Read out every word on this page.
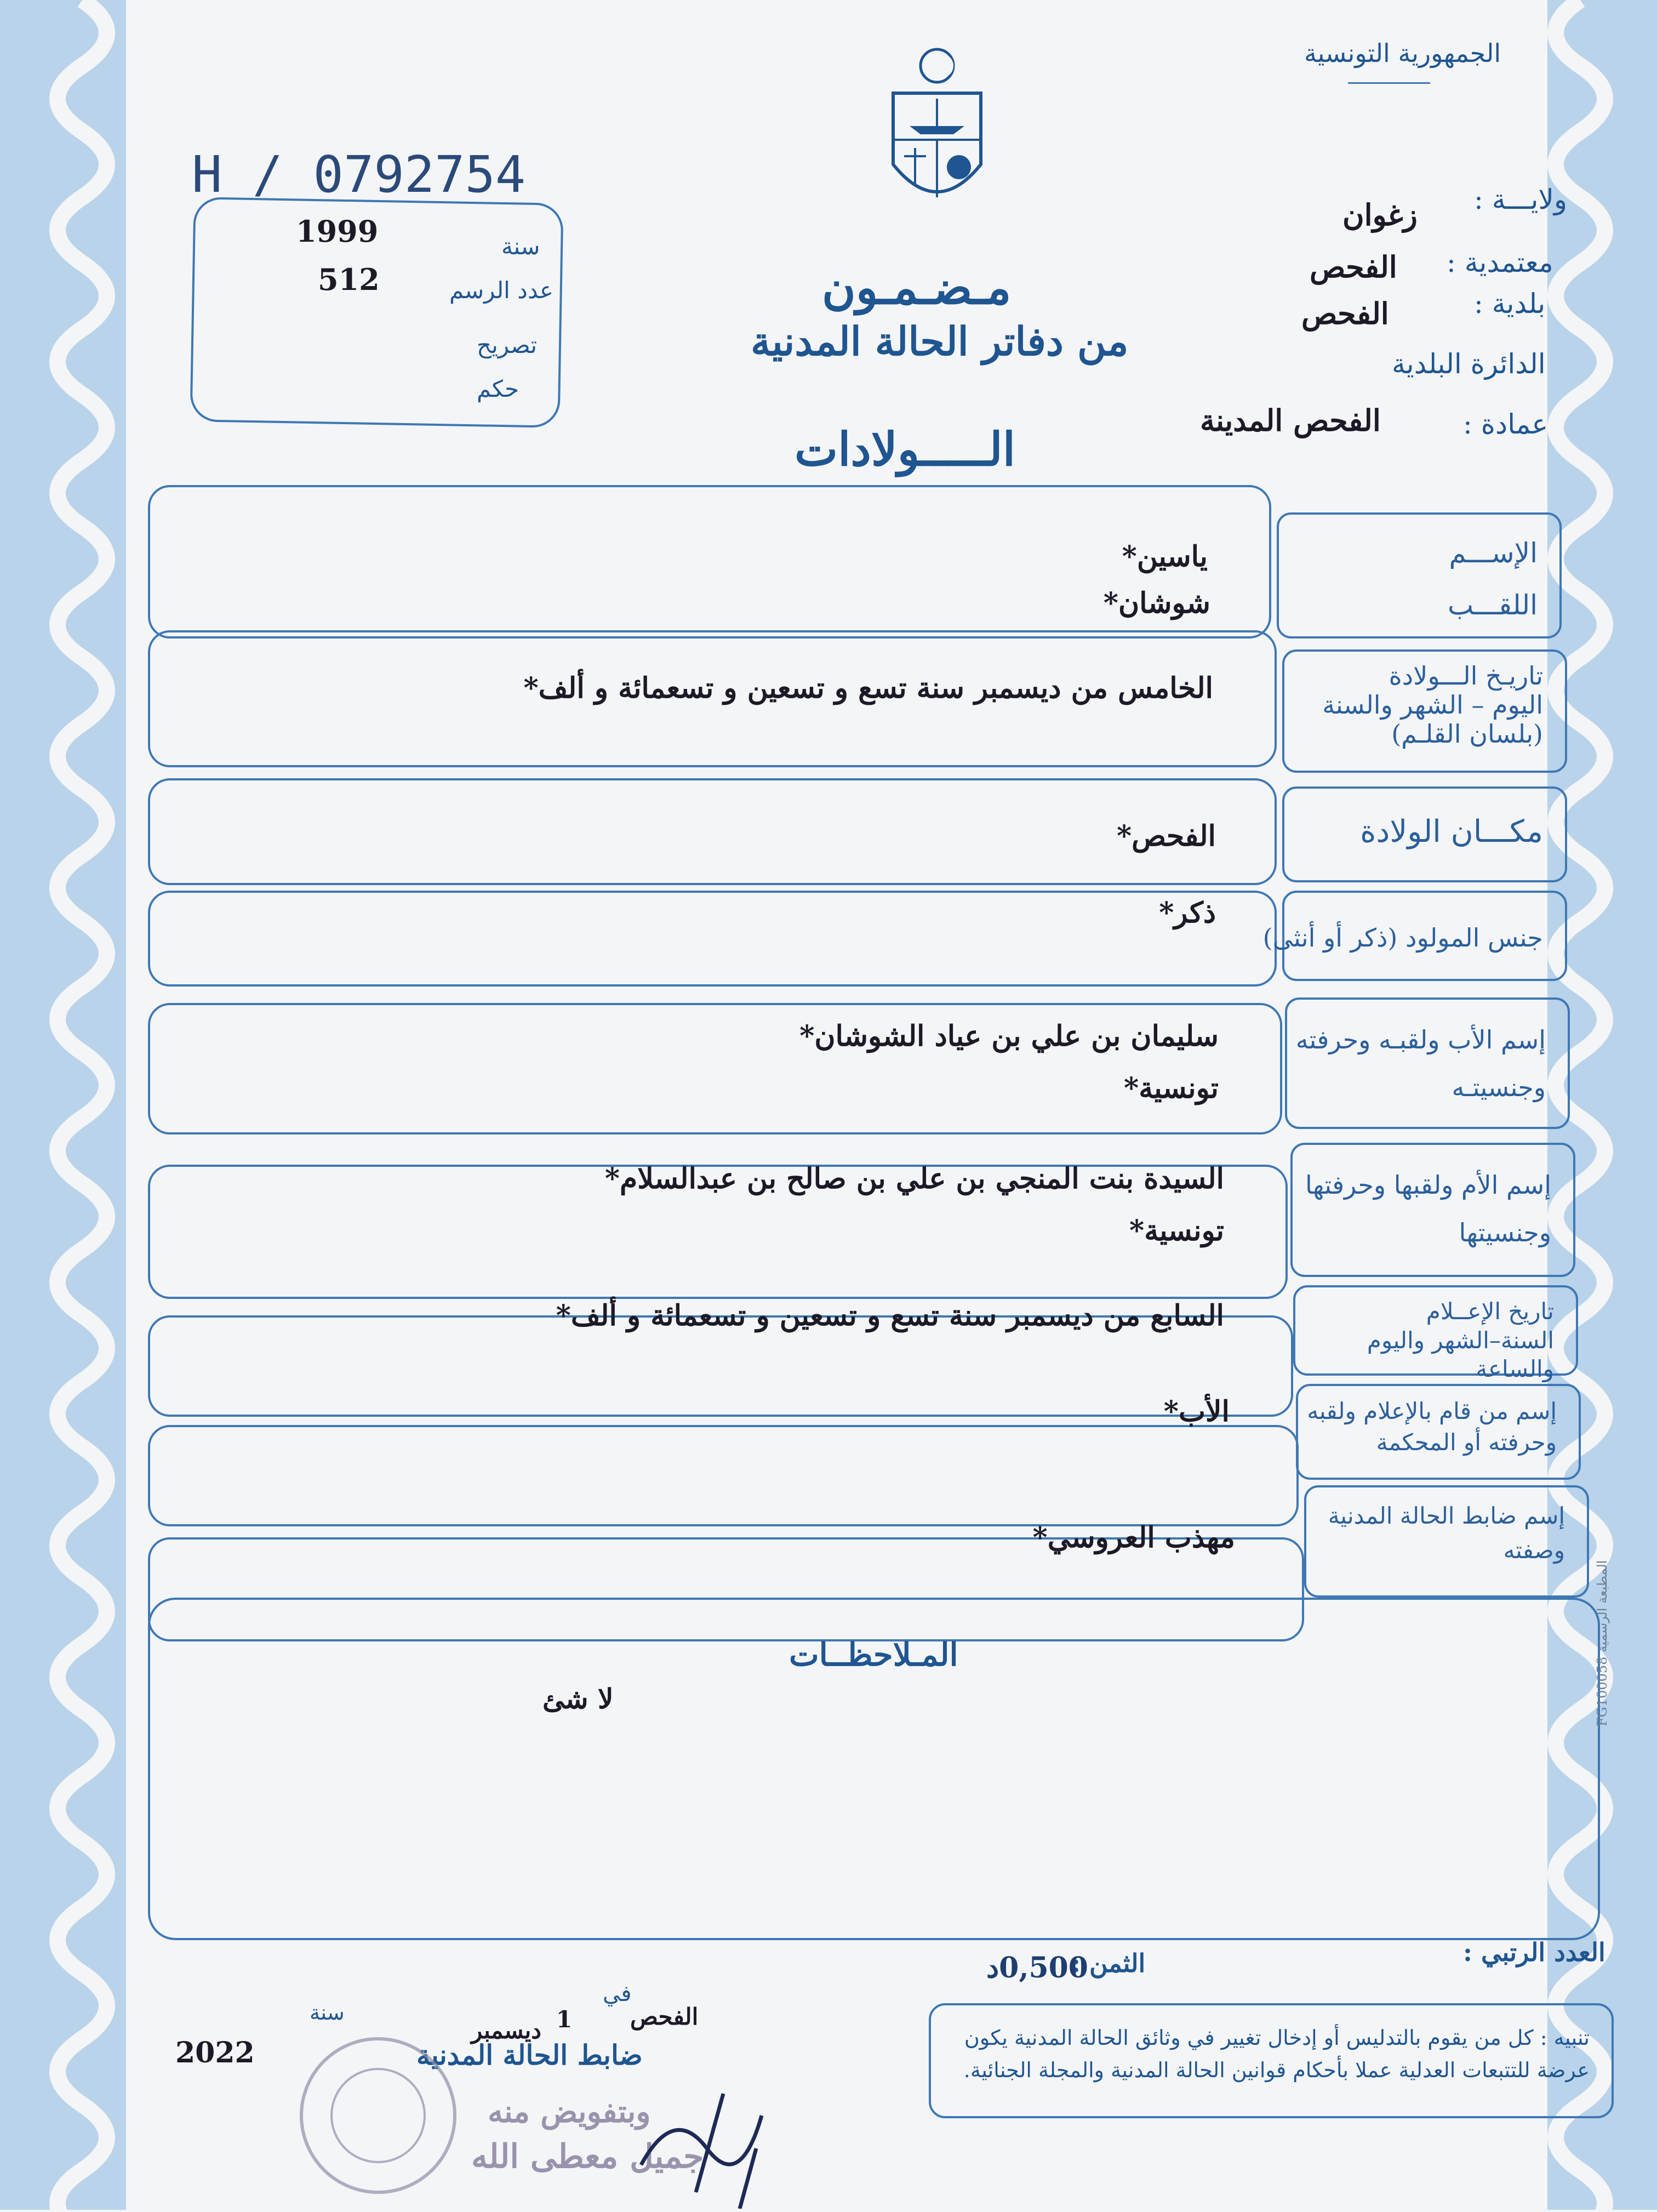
الجمهورية التونسية
H / 0792754
سنة
1999
عدد الرسم
512
تصريح
حكم
مـضـمـون
من دفاتر الحالة المدنية
الـــــولادات
ولايـــة :
زغوان
معتمدية :
الفحص
بلدية :
الفحص
الدائرة البلدية
عمادة :
الفحص المدينة
الإســـم
اللقـــب
ياسين*
شوشان*
تاريـخ الـــولادة
اليوم – الشهر والسنة
(بلسان القلـم)
الخامس من ديسمبر سنة تسع و تسعين و تسعمائة و ألف*
مكـــان الولادة
الفحص*
جنس المولود (ذكر أو أنثى)
ذكر*
إسم الأب ولقبـه وحرفته
وجنسيتـه
سليمان بن علي بن عياد الشوشان*
تونسية*
إسم الأم ولقبها وحرفتها
وجنسيتها
السيدة بنت المنجي بن علي بن صالح بن عبدالسلام*
تونسية*
تاريخ الإعــلام
السنة–الشهر واليوم والساعة
السابع من ديسمبر سنة تسع و تسعين و تسعمائة و ألف*
إسم من قام بالإعلام ولقبه
وحرفته أو المحكمة
الأب*
إسم ضابط الحالة المدنية
وصفته
مهذب العروسي*
المـلاحظــات
لا شئ	المطبعة الرسمية FG100058
العدد الرتبي :
الثمن :
0,500د
تنبيه : كل من يقوم بالتدليس أو إدخال تغيير في وثائق الحالة المدنية يكون عرضة للتتبعات العدلية عملا بأحكام قوانين الحالة المدنية والمجلة الجنائية.
الفحص
في
1
ديسمبر
سنة
2022	ضابط الحالة المدنية
وبتفويض منه
جميل معطى الله
